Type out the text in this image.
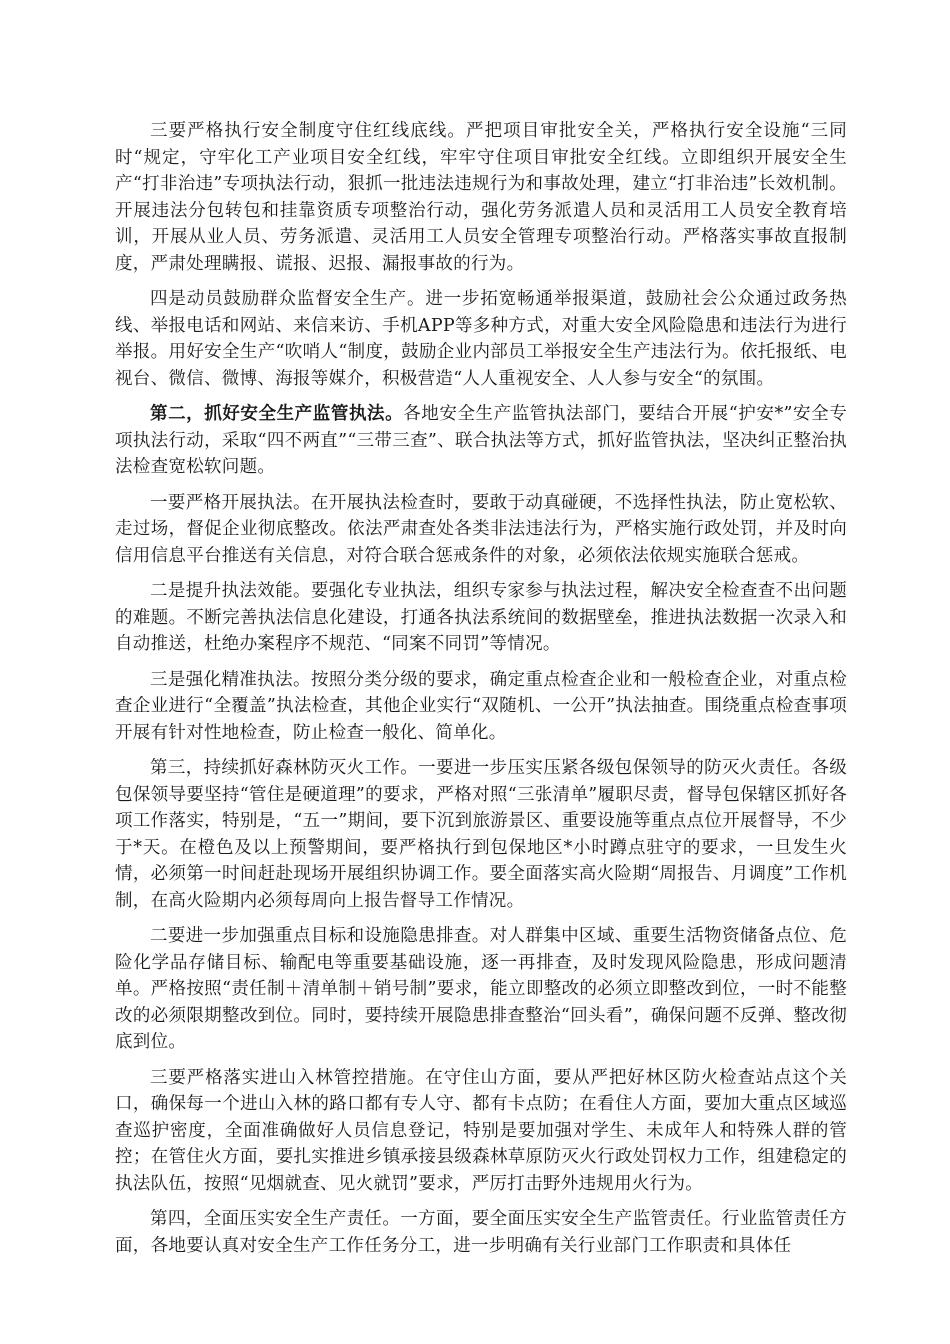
三要严格执行安全制度守住红线底线。严把项目审批安全关，严格执行安全设施“三同时“规定，守牢化工产业项目安全红线，牢牢守住项目审批安全红线。立即组织开展安全生产“打非治违”专项执法行动，狠抓一批违法违规行为和事故处理，建立“打非治违”长效机制。开展违法分包转包和挂靠资质专项整治行动，强化劳务派遣人员和灵活用工人员安全教育培训，开展从业人员、劳务派遣、灵活用工人员安全管理专项整治行动。严格落实事故直报制度，严肃处理瞒报、谎报、迟报、漏报事故的行为。

四是动员鼓励群众监督安全生产。进一步拓宽畅通举报渠道，鼓励社会公众通过政务热线、举报电话和网站、来信来访、手机APP等多种方式，对重大安全风险隐患和违法行为进行举报。用好安全生产“吹哨人“制度，鼓励企业内部员工举报安全生产违法行为。依托报纸、电视台、微信、微博、海报等媒介，积极营造“人人重视安全、人人参与安全“的氛围。

第二，抓好安全生产监管执法。各地安全生产监管执法部门，要结合开展“护安*”安全专项执法行动，采取“四不两直”“三带三查”、联合执法等方式，抓好监管执法，坚决纠正整治执法检查宽松软问题。

一要严格开展执法。在开展执法检查时，要敢于动真碰硬，不选择性执法，防止宽松软、走过场，督促企业彻底整改。依法严肃查处各类非法违法行为，严格实施行政处罚，并及时向信用信息平台推送有关信息，对符合联合惩戒条件的对象，必须依法依规实施联合惩戒。

二是提升执法效能。要强化专业执法，组织专家参与执法过程，解决安全检查查不出问题的难题。不断完善执法信息化建设，打通各执法系统间的数据壁垒，推进执法数据一次录入和自动推送，杜绝办案程序不规范、“同案不同罚”等情况。

三是强化精准执法。按照分类分级的要求，确定重点检查企业和一般检查企业，对重点检查企业进行“全覆盖”执法检查，其他企业实行“双随机、一公开”执法抽查。围绕重点检查事项开展有针对性地检查，防止检查一般化、简单化。

第三，持续抓好森林防灭火工作。一要进一步压实压紧各级包保领导的防灭火责任。各级包保领导要坚持“管住是硬道理”的要求，严格对照“三张清单”履职尽责，督导包保辖区抓好各项工作落实，特别是，“五一”期间，要下沉到旅游景区、重要设施等重点点位开展督导，不少于*天。在橙色及以上预警期间，要严格执行到包保地区*小时蹲点驻守的要求，一旦发生火情，必须第一时间赶赴现场开展组织协调工作。要全面落实高火险期“周报告、月调度”工作机制，在高火险期内必须每周向上报告督导工作情况。

二要进一步加强重点目标和设施隐患排查。对人群集中区域、重要生活物资储备点位、危险化学品存储目标、输配电等重要基础设施，逐一再排查，及时发现风险隐患，形成问题清单。严格按照“责任制＋清单制＋销号制”要求，能立即整改的必须立即整改到位，一时不能整改的必须限期整改到位。同时，要持续开展隐患排查整治“回头看”，确保问题不反弹、整改彻底到位。

三要严格落实进山入林管控措施。在守住山方面，要从严把好林区防火检查站点这个关口，确保每一个进山入林的路口都有专人守、都有卡点防；在看住人方面，要加大重点区域巡查巡护密度，全面准确做好人员信息登记，特别是要加强对学生、未成年人和特殊人群的管控；在管住火方面，要扎实推进乡镇承接县级森林草原防灭火行政处罚权力工作，组建稳定的执法队伍，按照“见烟就查、见火就罚”要求，严厉打击野外违规用火行为。

第四，全面压实安全生产责任。一方面，要全面压实安全生产监管责任。行业监管责任方面，各地要认真对安全生产工作任务分工，进一步明确有关行业部门工作职责和具体任
